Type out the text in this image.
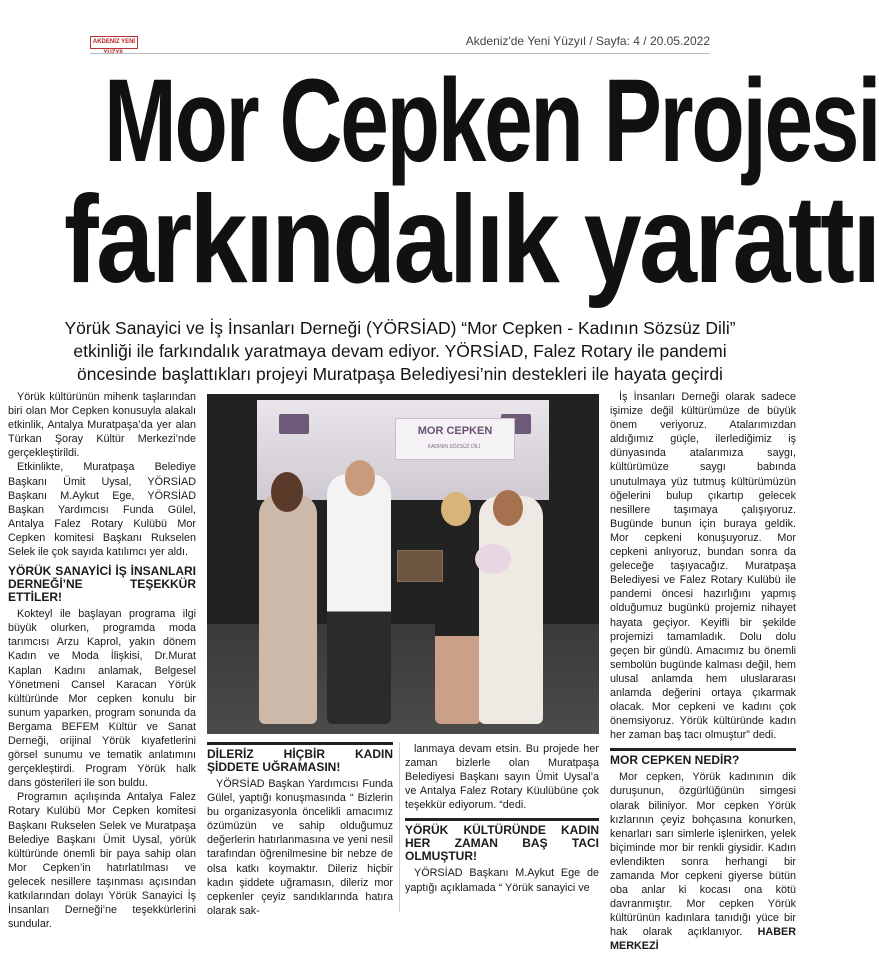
AKDENİZ YENİ YÜZYIL
Akdeniz'de Yeni Yüzyıl / Sayfa: 4 / 20.05.2022
Mor Cepken Projesi
farkındalık yarattı
Yörük Sanayici ve İş İnsanları Derneği (YÖRSİAD) “Mor Cepken - Kadının Sözsüz Dili”
etkinliği ile farkındalık yaratmaya devam ediyor. YÖRSİAD, Falez Rotary ile pandemi
öncesinde başlattıkları projeyi Muratpaşa Belediyesi’nin destekleri ile hayata geçirdi

Yörük kültürünün mihenk taşlarından biri olan Mor Cepken konusuyla alakalı etkinlik, Antalya Muratpaşa’da yer alan Türkan Şoray Kültür Merkezi’nde gerçekleştirildi.

Etkinlikte, Muratpaşa Belediye Başkanı Ümit Uysal, YÖRSİAD Başkanı M.Aykut Ege, YÖRSİAD Başkan Yardımcısı Funda Gülel, Antalya Falez Rotary Kulübü Mor Cepken komitesi Başkanı Rukselen Selek ile çok sayıda katılımcı yer aldı.

YÖRÜK SANAYİCİ İŞ İNSANLARI DERNEĞİ’NE TEŞEKKÜR ETTİLER!

Kokteyl ile başlayan programa ilgi büyük olurken, programda moda tarımcısı Arzu Kaprol, yakın dönem Kadın ve Moda İlişkisi, Dr.Murat Kaplan Kadını anlamak, Belgesel Yönetmeni Cansel Karacan Yörük kültüründe Mor cepken konulu bir sunum yaparken, program sonunda da Bergama BEFEM Kültür ve Sanat Derneği, orijinal Yörük kıyafetlerini görsel sunumu ve tematik anlatımını gerçekleştirdi. Program Yörük halk dans gösterileri ile son buldu.

Programın açılışında Antalya Falez Rotary Kulübü Mor Cepken komitesi Başkanı Rukselen Selek ve Muratpaşa Belediye Başkanı Ümit Uysal, yörük kültüründe önemli bir paya sahip olan Mor Cepken’in hatırlatılması ve gelecek nesillere taşınması açısından katkılarından dolayı Yörük Sanayici İş İnsanları Derneği’ne teşekkürlerini sundular.

MOR CEPKEN
KADININ SÖZSÜZ DİLİ
DİLERİZ HİÇBİR KADIN ŞİDDETE UĞRAMASIN!

YÖRSİAD Başkan Yardımcısı Funda Gülel, yaptığı konuşmasında “ Bizlerin bu organizasyonla öncelikli amacımız özümüzün ve sahip olduğumuz değerlerin hatırlanmasına ve yeni nesil tarafından öğrenilmesine bir nebze de olsa katkı koymaktır. Dileriz hiçbir kadın şiddete uğramasın, dileriz mor cepkenler çeyiz sandıklarında hatıra olarak sak-

lanmaya devam etsin. Bu projede her zaman bizlerle olan Muratpaşa Belediyesi Başkanı sayın Ümit Uysal’a ve Antalya Falez Rotary Küulübüne çok teşekkür ediyorum. “dedi.

YÖRÜK KÜLTÜRÜNDE KADIN HER ZAMAN BAŞ TACI OLMUŞTUR!

YÖRSİAD Başkanı M.Aykut Ege de yaptığı açıklamada “ Yörük sanayici ve

İş İnsanları Derneği olarak sadece işimize değil kültürümüze de büyük önem veriyoruz. Atalarımızdan aldığımız güçle, ilerlediğimiz iş dünyasında atalarımıza saygı, kültürümüze saygı babında unutulmaya yüz tutmuş kültürümüzün öğelerini bulup çıkartıp gelecek nesillere taşımaya çalışıyoruz. Bugünde bunun için buraya geldik. Mor cepkeni konuşuyoruz. Mor cepkeni anlıyoruz, bundan sonra da geleceğe taşıyacağız. Muratpaşa Belediyesi ve Falez Rotary Kulübü ile pandemi öncesi hazırlığını yapmış olduğumuz bugünkü projemiz nihayet hayata geçiyor. Keyifli bir şekilde projemizi tamamladık. Dolu dolu geçen bir gündü. Amacımız bu önemli sembolün bugünde kalması değil, hem ulusal anlamda hem uluslararası anlamda değerini ortaya çıkarmak olacak. Mor cepkeni ve kadını çok önemsiyoruz. Yörük kültüründe kadın her zaman baş tacı olmuştur” dedi.

MOR CEPKEN NEDİR?

Mor cepken, Yörük kadınının dik duruşunun, özgürlüğünün simgesi olarak biliniyor. Mor cepken Yörük kızlarının çeyiz bohçasına konurken, kenarları sarı simlerle işlenirken, yelek biçiminde mor bir renkli giysidir. Kadın evlendikten sonra herhangi bir zamanda Mor cepkeni giyerse bütün oba anlar ki kocası ona kötü davranmıştır. Mor cepken Yörük kültürünün kadınlara tanıdığı yüce bir hak olarak açıklanıyor. HABER MERKEZİ
